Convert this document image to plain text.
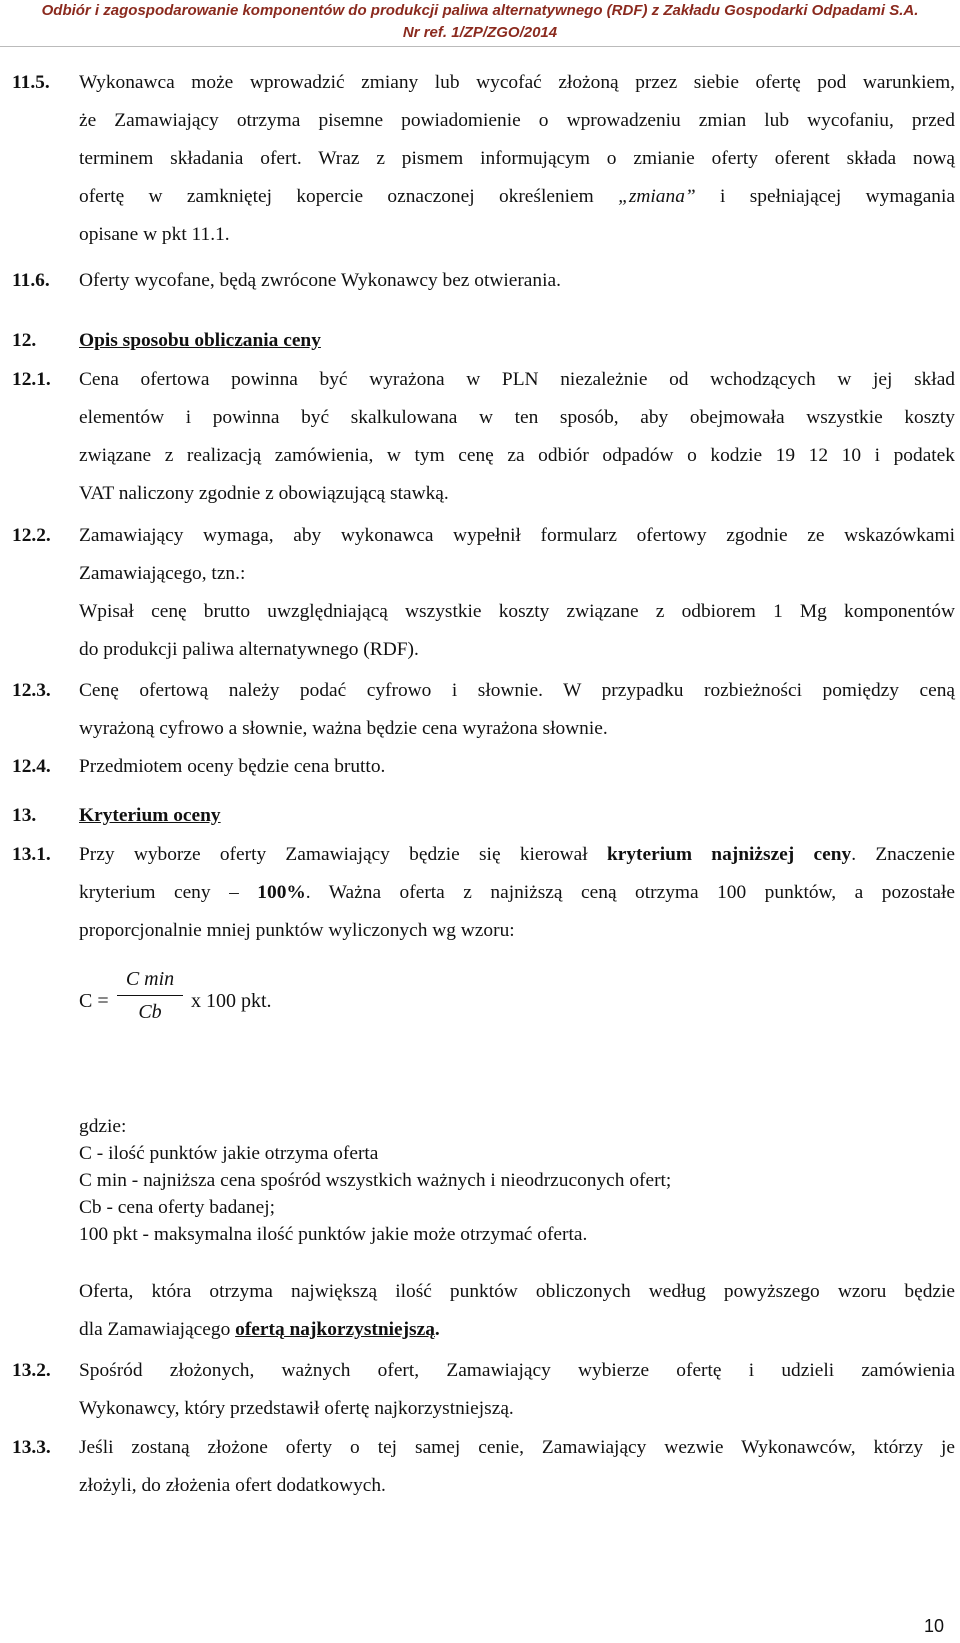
Odbiór i zagospodarowanie komponentów do produkcji paliwa alternatywnego (RDF) z Zakładu Gospodarki Odpadami S.A.
Nr ref. 1/ZP/ZGO/2014
11.5. Wykonawca może wprowadzić zmiany lub wycofać złożoną przez siebie ofertę pod warunkiem,
że Zamawiający otrzyma pisemne powiadomienie o wprowadzeniu zmian lub wycofaniu, przed
terminem składania ofert. Wraz z pismem informującym o zmianie oferty oferent składa nową
ofertę w zamkniętej kopercie oznaczonej określeniem „zmiana” i spełniającej wymagania
opisane w pkt 11.1.
11.6. Oferty wycofane, będą zwrócone Wykonawcy bez otwierania.
12. Opis sposobu obliczania ceny
12.1. Cena ofertowa powinna być wyrażona w PLN niezależnie od wchodzących w jej skład
elementów i powinna być skalkulowana w ten sposób, aby obejmowała wszystkie koszty
związane z realizacją zamówienia, w tym cenę za odbiór odpadów o kodzie 19 12 10 i podatek
VAT naliczony zgodnie z obowiązującą stawką.
12.2. Zamawiający wymaga, aby wykonawca wypełnił formularz ofertowy zgodnie ze wskazówkami
Zamawiającego, tzn.:
Wpisał cenę brutto uwzględniającą wszystkie koszty związane z odbiorem 1 Mg komponentów
do produkcji paliwa alternatywnego (RDF).
12.3. Cenę ofertową należy podać cyfrowo i słownie. W przypadku rozbieżności pomiędzy ceną
wyrażoną cyfrowo a słownie, ważna będzie cena wyrażona słownie.
12.4. Przedmiotem oceny będzie cena brutto.
13. Kryterium oceny
13.1. Przy wyborze oferty Zamawiający będzie się kierował kryterium najniższej ceny. Znaczenie
kryterium ceny – 100%. Ważna oferta z najniższą ceną otrzyma 100 punktów, a pozostałe
proporcjonalnie mniej punktów wyliczonych wg wzoru:
C =
C min
Cb	x 100 pkt.
gdzie:
C - ilość punktów jakie otrzyma oferta
C min - najniższa cena spośród wszystkich ważnych i nieodrzuconych ofert;
Cb - cena oferty badanej;
100 pkt - maksymalna ilość punktów jakie może otrzymać oferta.
Oferta, która otrzyma największą ilość punktów obliczonych według powyższego wzoru będzie
dla Zamawiającego ofertą najkorzystniejszą.
13.2. Spośród złożonych, ważnych ofert, Zamawiający wybierze ofertę i udzieli zamówienia
Wykonawcy, który przedstawił ofertę najkorzystniejszą.
13.3. Jeśli zostaną złożone oferty o tej samej cenie, Zamawiający wezwie Wykonawców, którzy je
złożyli, do złożenia ofert dodatkowych.
10
